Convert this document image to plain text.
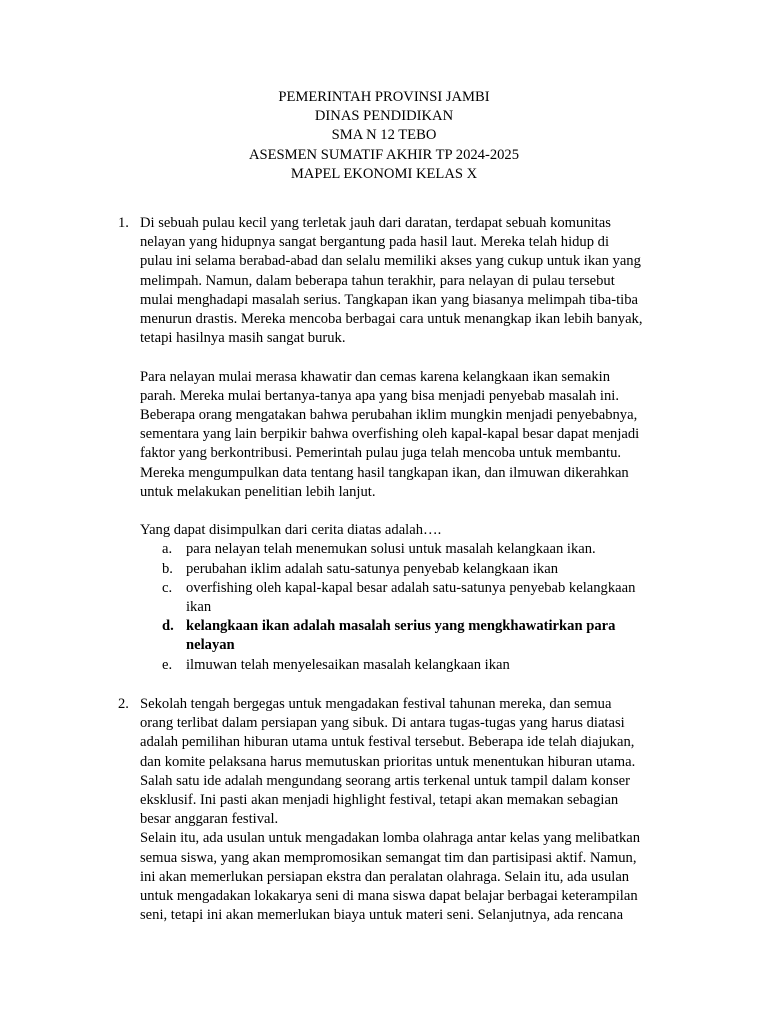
PEMERINTAH PROVINSI JAMBI
DINAS PENDIDIKAN
SMA N 12 TEBO
ASESMEN SUMATIF AKHIR TP 2024-2025
MAPEL EKONOMI KELAS X
1. Di sebuah pulau kecil yang terletak jauh dari daratan, terdapat sebuah komunitas
nelayan yang hidupnya sangat bergantung pada hasil laut. Mereka telah hidup di
pulau ini selama berabad-abad dan selalu memiliki akses yang cukup untuk ikan yang
melimpah. Namun, dalam beberapa tahun terakhir, para nelayan di pulau tersebut
mulai menghadapi masalah serius. Tangkapan ikan yang biasanya melimpah tiba-tiba
menurun drastis. Mereka mencoba berbagai cara untuk menangkap ikan lebih banyak,
tetapi hasilnya masih sangat buruk.
Para nelayan mulai merasa khawatir dan cemas karena kelangkaan ikan semakin
parah. Mereka mulai bertanya-tanya apa yang bisa menjadi penyebab masalah ini.
Beberapa orang mengatakan bahwa perubahan iklim mungkin menjadi penyebabnya,
sementara yang lain berpikir bahwa overfishing oleh kapal-kapal besar dapat menjadi
faktor yang berkontribusi. Pemerintah pulau juga telah mencoba untuk membantu.
Mereka mengumpulkan data tentang hasil tangkapan ikan, dan ilmuwan dikerahkan
untuk melakukan penelitian lebih lanjut.
Yang dapat disimpulkan dari cerita diatas adalah….
a. para nelayan telah menemukan solusi untuk masalah kelangkaan ikan.
b. perubahan iklim adalah satu-satunya penyebab kelangkaan ikan
c. overfishing oleh kapal-kapal besar adalah satu-satunya penyebab kelangkaan
ikan
d. kelangkaan ikan adalah masalah serius yang mengkhawatirkan para
nelayan
e. ilmuwan telah menyelesaikan masalah kelangkaan ikan
2. Sekolah tengah bergegas untuk mengadakan festival tahunan mereka, dan semua
orang terlibat dalam persiapan yang sibuk. Di antara tugas-tugas yang harus diatasi
adalah pemilihan hiburan utama untuk festival tersebut. Beberapa ide telah diajukan,
dan komite pelaksana harus memutuskan prioritas untuk menentukan hiburan utama.
Salah satu ide adalah mengundang seorang artis terkenal untuk tampil dalam konser
eksklusif. Ini pasti akan menjadi highlight festival, tetapi akan memakan sebagian
besar anggaran festival.
Selain itu, ada usulan untuk mengadakan lomba olahraga antar kelas yang melibatkan
semua siswa, yang akan mempromosikan semangat tim dan partisipasi aktif. Namun,
ini akan memerlukan persiapan ekstra dan peralatan olahraga. Selain itu, ada usulan
untuk mengadakan lokakarya seni di mana siswa dapat belajar berbagai keterampilan
seni, tetapi ini akan memerlukan biaya untuk materi seni. Selanjutnya, ada rencana
